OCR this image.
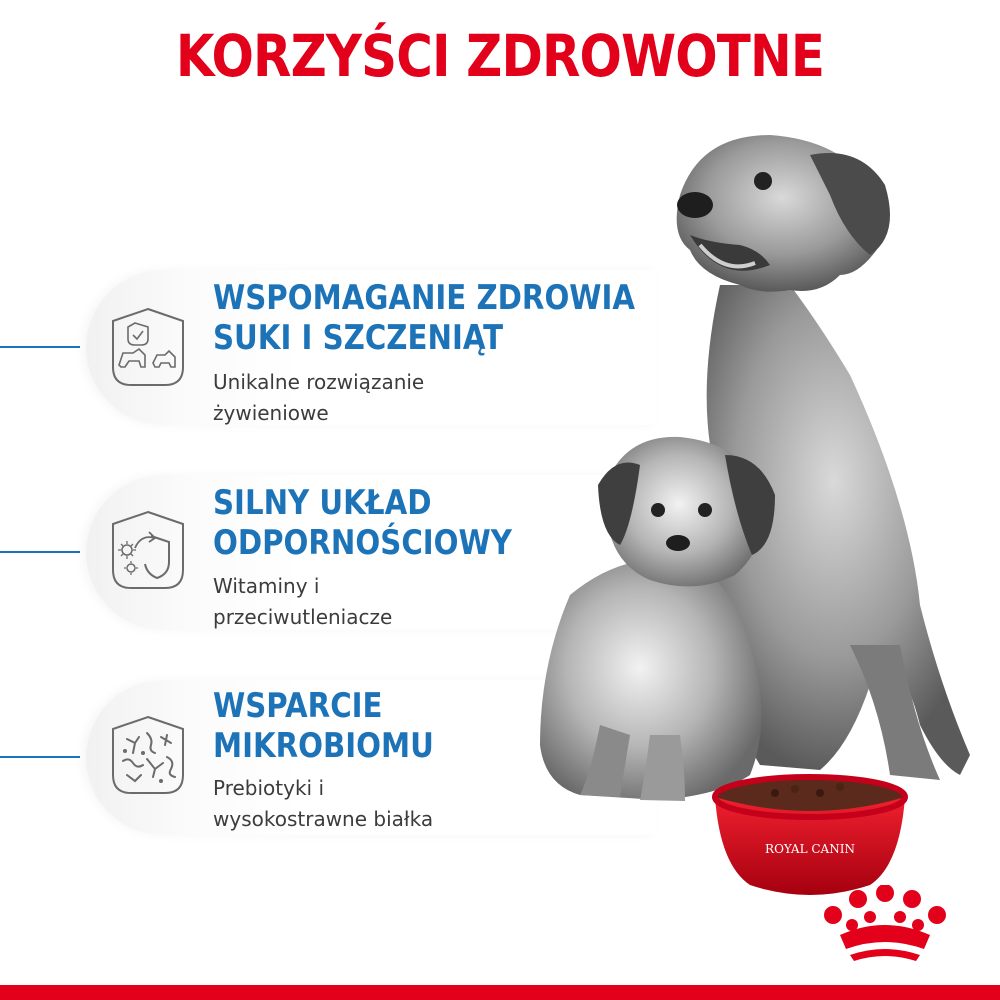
KORZYŚCI ZDROWOTNE
WSPOMAGANIE ZDROWIA
SUKI I SZCZENIĄT
Unikalne rozwiązanie
żywieniowe
SILNY UKŁAD
ODPORNOŚCIOWY
Witaminy i
przeciwutleniacze
WSPARCIE
MIKROBIOMU
Prebiotyki i
wysokostrawne białka
ROYAL CANIN
